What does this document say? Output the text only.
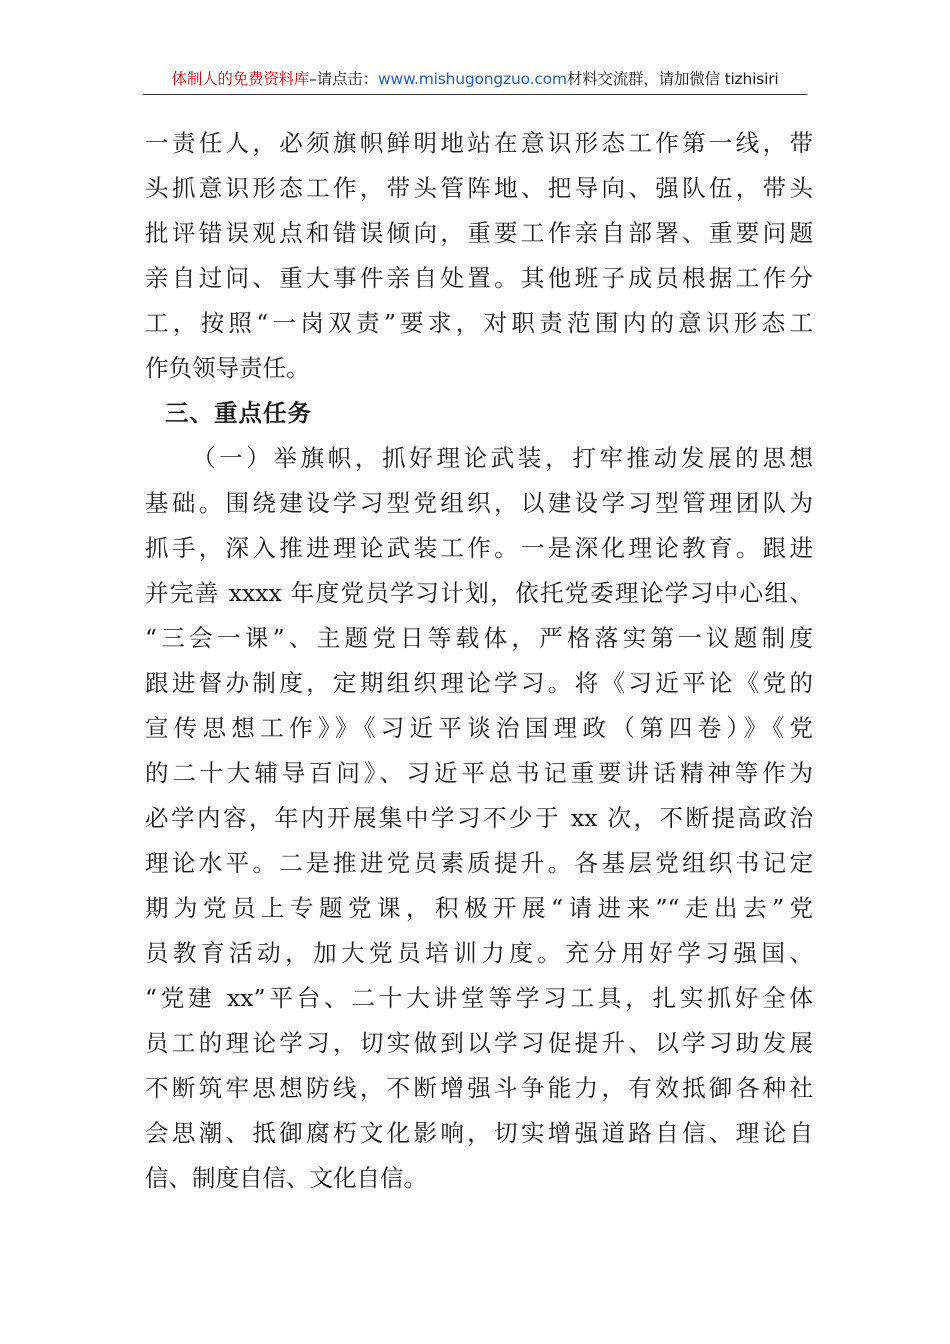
体制人的免费资料库–请点击：www.mishugongzuo.com材料交流群，请加微信 tizhisiri
一责任人，必须旗帜鲜明地站在意识形态工作第一线，带
头抓意识形态工作，带头管阵地、把导向、强队伍，带头
批评错误观点和错误倾向，重要工作亲自部署、重要问题
亲自过问、重大事件亲自处置。其他班子成员根据工作分
工，按照“一岗双责”要求，对职责范围内的意识形态工
作负领导责任。
三、重点任务
（一）举旗帜，抓好理论武装，打牢推动发展的思想
基础。围绕建设学习型党组织，以建设学习型管理团队为
抓手，深入推进理论武装工作。一是深化理论教育。跟进
并完善 xxxx 年度党员学习计划，依托党委理论学习中心组、
“三会一课”、主题党日等载体，严格落实第一议题制度
跟进督办制度，定期组织理论学习。将《习近平论《党的
宣传思想工作》》《习近平谈治国理政（第四卷）》《党
的二十大辅导百问》、习近平总书记重要讲话精神等作为
必学内容，年内开展集中学习不少于 xx 次，不断提高政治
理论水平。二是推进党员素质提升。各基层党组织书记定
期为党员上专题党课，积极开展“请进来”“走出去”党
员教育活动，加大党员培训力度。充分用好学习强国、
“党建 xx”平台、二十大讲堂等学习工具，扎实抓好全体
员工的理论学习，切实做到以学习促提升、以学习助发展
不断筑牢思想防线，不断增强斗争能力，有效抵御各种社
会思潮、抵御腐朽文化影响，切实增强道路自信、理论自
信、制度自信、文化自信。
